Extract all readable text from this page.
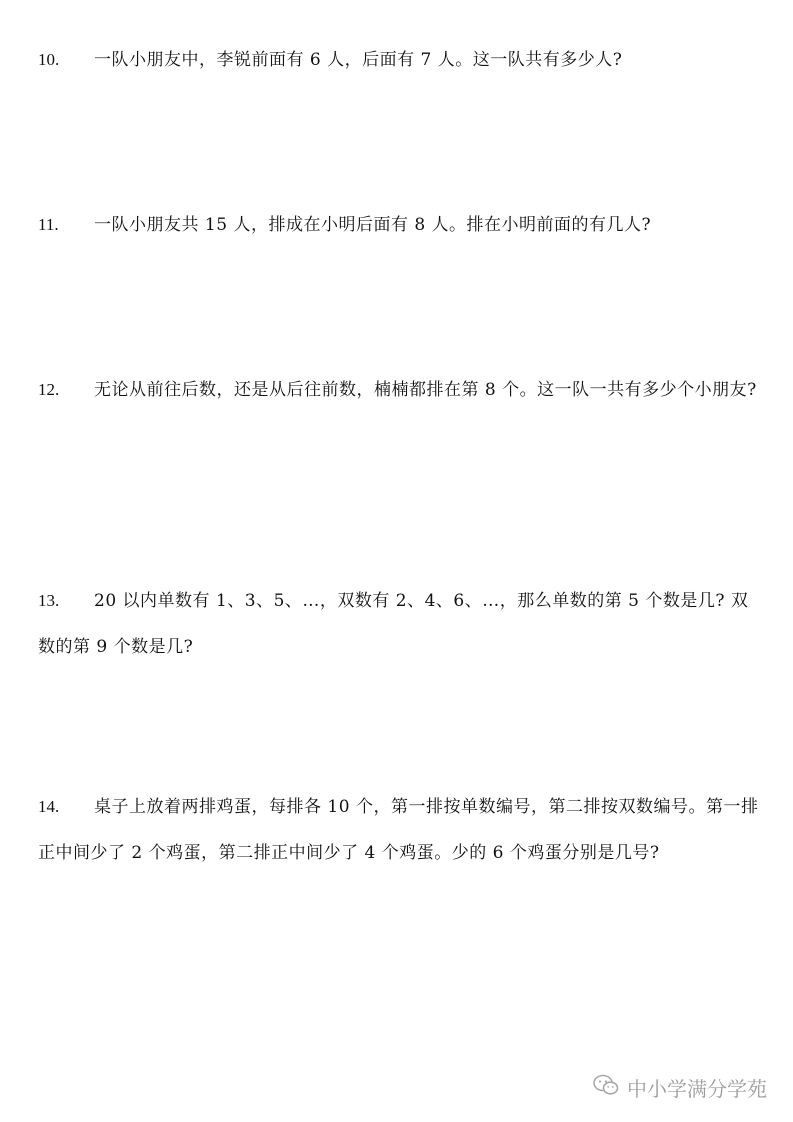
10. 一队小朋友中，李锐前面有 6 人，后面有 7 人。这一队共有多少人?
11. 一队小朋友共 15 人，排成在小明后面有 8 人。排在小明前面的有几人?
12. 无论从前往后数，还是从后往前数，楠楠都排在第 8 个。这一队一共有多少个小朋友?
13. 20 以内单数有 1、3、5、…，双数有 2、4、6、…，那么单数的第 5 个数是几? 双数的第 9 个数是几?
14. 桌子上放着两排鸡蛋，每排各 10 个，第一排按单数编号，第二排按双数编号。第一排正中间少了 2 个鸡蛋，第二排正中间少了 4 个鸡蛋。少的 6 个鸡蛋分别是几号?
中小学满分学苑
